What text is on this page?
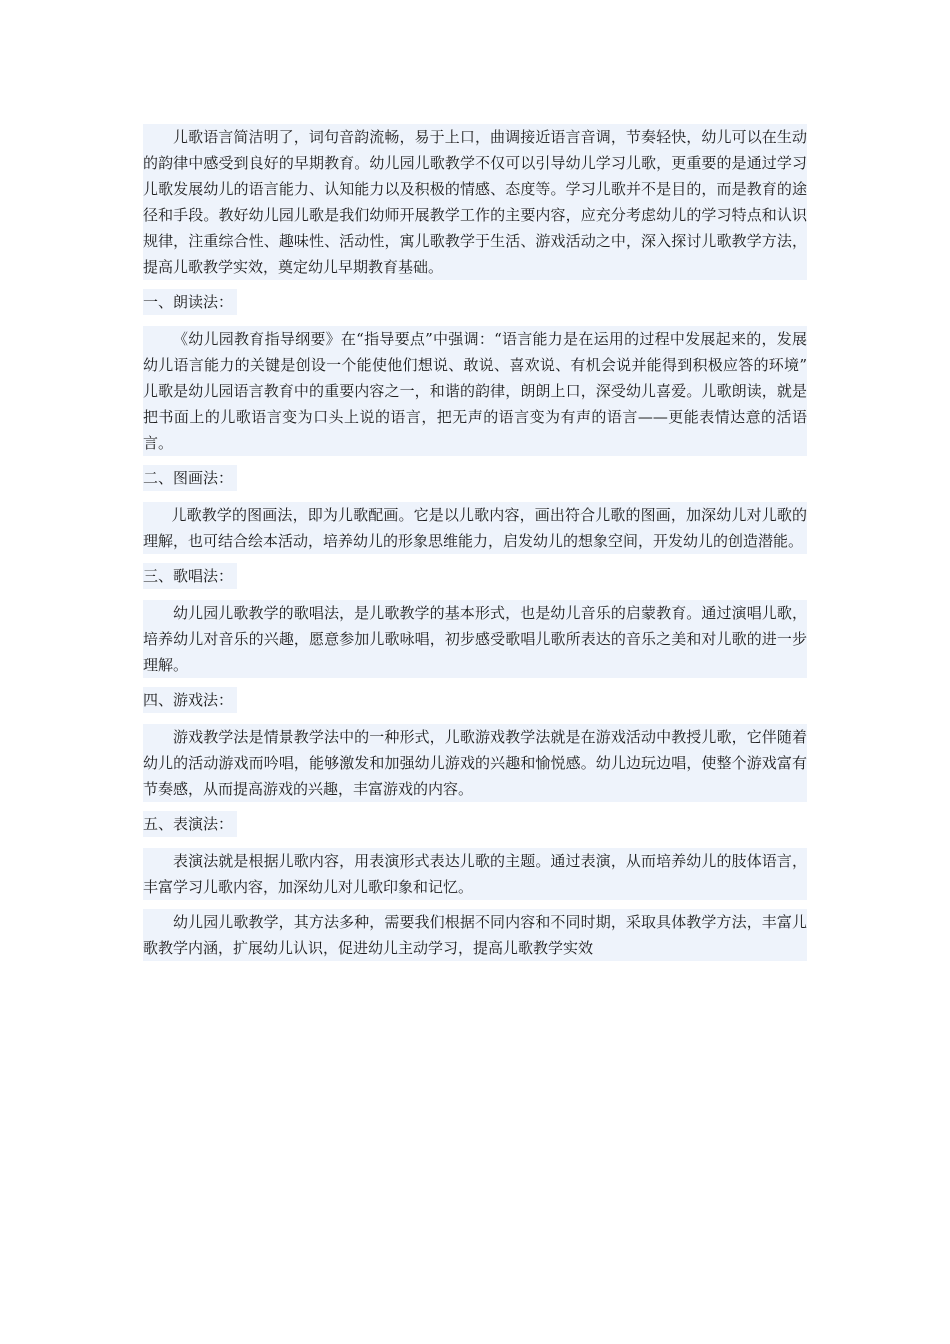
儿歌语言简洁明了，词句音韵流畅，易于上口，曲调接近语言音调，节奏轻快，幼儿可以在生动的韵律中感受到良好的早期教育。幼儿园儿歌教学不仅可以引导幼儿学习儿歌，更重要的是通过学习儿歌发展幼儿的语言能力、认知能力以及积极的情感、态度等。学习儿歌并不是目的，而是教育的途径和手段。教好幼儿园儿歌是我们幼师开展教学工作的主要内容，应充分考虑幼儿的学习特点和认识规律，注重综合性、趣味性、活动性，寓儿歌教学于生活、游戏活动之中，深入探讨儿歌教学方法，提高儿歌教学实效，奠定幼儿早期教育基础。

一、朗读法：

《幼儿园教育指导纲要》在“指导要点”中强调：“语言能力是在运用的过程中发展起来的，发展幼儿语言能力的关键是创设一个能使他们想说、敢说、喜欢说、有机会说并能得到积极应答的环境”　儿歌是幼儿园语言教育中的重要内容之一，和谐的韵律，朗朗上口，深受幼儿喜爱。儿歌朗读，就是把书面上的儿歌语言变为口头上说的语言，把无声的语言变为有声的语言——更能表情达意的活语言。

二、图画法：

儿歌教学的图画法，即为儿歌配画。它是以儿歌内容，画出符合儿歌的图画，加深幼儿对儿歌的理解，也可结合绘本活动，培养幼儿的形象思维能力，启发幼儿的想象空间，开发幼儿的创造潜能。

三、歌唱法：

幼儿园儿歌教学的歌唱法，是儿歌教学的基本形式，也是幼儿音乐的启蒙教育。通过演唱儿歌，培养幼儿对音乐的兴趣，愿意参加儿歌咏唱，初步感受歌唱儿歌所表达的音乐之美和对儿歌的进一步理解。

四、游戏法：

游戏教学法是情景教学法中的一种形式，儿歌游戏教学法就是在游戏活动中教授儿歌，它伴随着幼儿的活动游戏而吟唱，能够激发和加强幼儿游戏的兴趣和愉悦感。幼儿边玩边唱，使整个游戏富有节奏感，从而提高游戏的兴趣，丰富游戏的内容。

五、表演法：

表演法就是根据儿歌内容，用表演形式表达儿歌的主题。通过表演，从而培养幼儿的肢体语言，丰富学习儿歌内容，加深幼儿对儿歌印象和记忆。

幼儿园儿歌教学，其方法多种，需要我们根据不同内容和不同时期，采取具体教学方法，丰富儿歌教学内涵，扩展幼儿认识，促进幼儿主动学习，提高儿歌教学实效
